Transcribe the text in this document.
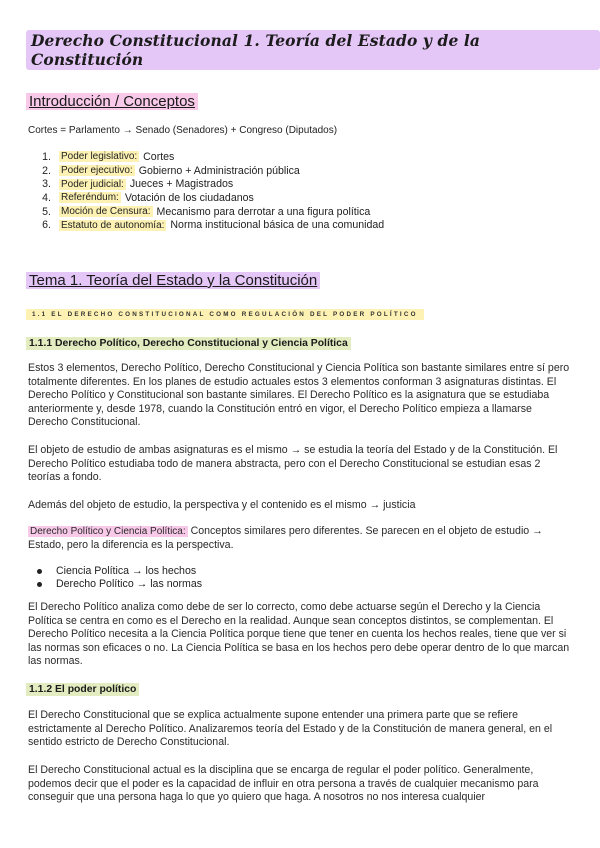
Derecho Constitucional 1. Teoría del Estado y de la Constitución
Introducción / Conceptos
Cortes = Parlamento → Senado (Senadores) + Congreso (Diputados)
1. Poder legislativo: Cortes
2. Poder ejecutivo: Gobierno + Administración pública
3. Poder judicial: Jueces + Magistrados
4. Referéndum: Votación de los ciudadanos
5. Moción de Censura: Mecanismo para derrotar a una figura política
6. Estatuto de autonomía: Norma institucional básica de una comunidad
Tema 1. Teoría del Estado y la Constitución
1.1 EL DERECHO CONSTITUCIONAL COMO REGULACIÓN DEL PODER POLÍTICO
1.1.1 Derecho Político, Derecho Constitucional y Ciencia Política

Estos 3 elementos, Derecho Político, Derecho Constitucional y Ciencia Política son bastante similares entre sí pero totalmente diferentes. En los planes de estudio actuales estos 3 elementos conforman 3 asignaturas distintas. El Derecho Político y Constitucional son bastante similares. El Derecho Político es la asignatura que se estudiaba anteriormente y, desde 1978, cuando la Constitución entró en vigor, el Derecho Político empieza a llamarse Derecho Constitucional.

El objeto de estudio de ambas asignaturas es el mismo → se estudia la teoría del Estado y de la Constitución. El Derecho Político estudiaba todo de manera abstracta, pero con el Derecho Constitucional se estudian esas 2 teorías a fondo.

Además del objeto de estudio, la perspectiva y el contenido es el mismo → justicia

Derecho Político y Ciencia Política: Conceptos similares pero diferentes. Se parecen en el objeto de estudio → Estado, pero la diferencia es la perspectiva.

Ciencia Política → los hechos
Derecho Político → las normas

El Derecho Político analiza como debe de ser lo correcto, como debe actuarse según el Derecho y la Ciencia Política se centra en como es el Derecho en la realidad. Aunque sean conceptos distintos, se complementan. El Derecho Político necesita a la Ciencia Política porque tiene que tener en cuenta los hechos reales, tiene que ver si las normas son eficaces o no. La Ciencia Política se basa en los hechos pero debe operar dentro de lo que marcan las normas.

1.1.2 El poder político

El Derecho Constitucional que se explica actualmente supone entender una primera parte que se refiere estrictamente al Derecho Político. Analizaremos teoría del Estado y de la Constitución de manera general, en el sentido estricto de Derecho Constitucional.

El Derecho Constitucional actual es la disciplina que se encarga de regular el poder político. Generalmente, podemos decir que el poder es la capacidad de influir en otra persona a través de cualquier mecanismo para conseguir que una persona haga lo que yo quiero que haga. A nosotros no nos interesa cualquier
